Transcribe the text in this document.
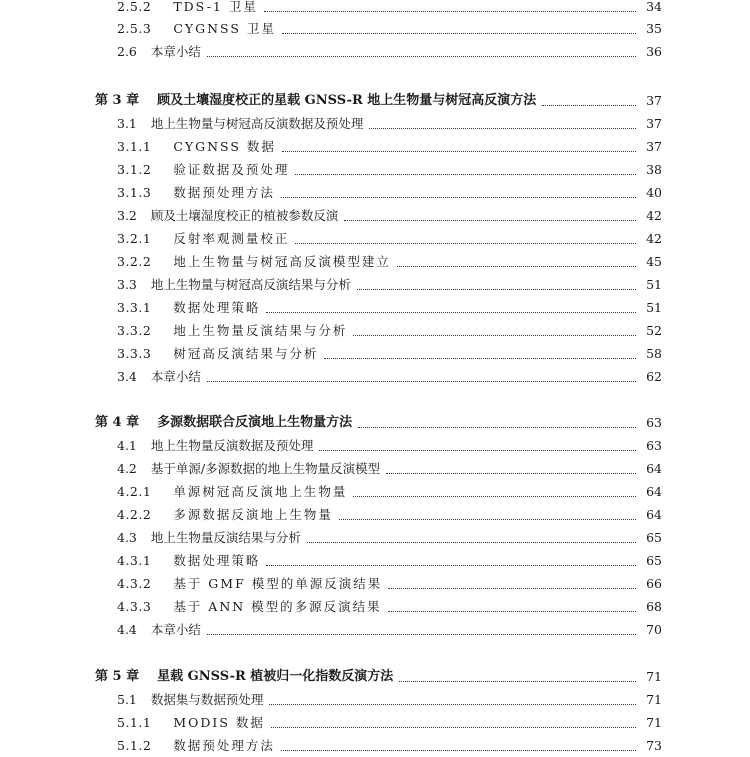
2.5.2 TDS-1 卫星	34
2.5.3 CYGNSS 卫星	35
2.6 本章小结	36
第 3 章 顾及土壤湿度校正的星载 GNSS-R 地上生物量与树冠高反演方法	37
3.1 地上生物量与树冠高反演数据及预处理	37
3.1.1 CYGNSS 数据	37
3.1.2 验证数据及预处理	38
3.1.3 数据预处理方法	40
3.2 顾及土壤湿度校正的植被参数反演	42
3.2.1 反射率观测量校正	42
3.2.2 地上生物量与树冠高反演模型建立	45
3.3 地上生物量与树冠高反演结果与分析	51
3.3.1 数据处理策略	51
3.3.2 地上生物量反演结果与分析	52
3.3.3 树冠高反演结果与分析	58
3.4 本章小结	62
第 4 章 多源数据联合反演地上生物量方法	63
4.1 地上生物量反演数据及预处理	63
4.2 基于单源/多源数据的地上生物量反演模型	64
4.2.1 单源树冠高反演地上生物量	64
4.2.2 多源数据反演地上生物量	64
4.3 地上生物量反演结果与分析	65
4.3.1 数据处理策略	65
4.3.2 基于 GMF 模型的单源反演结果	66
4.3.3 基于 ANN 模型的多源反演结果	68
4.4 本章小结	70
第 5 章 星载 GNSS-R 植被归一化指数反演方法	71
5.1 数据集与数据预处理	71
5.1.1 MODIS 数据	71
5.1.2 数据预处理方法	73
